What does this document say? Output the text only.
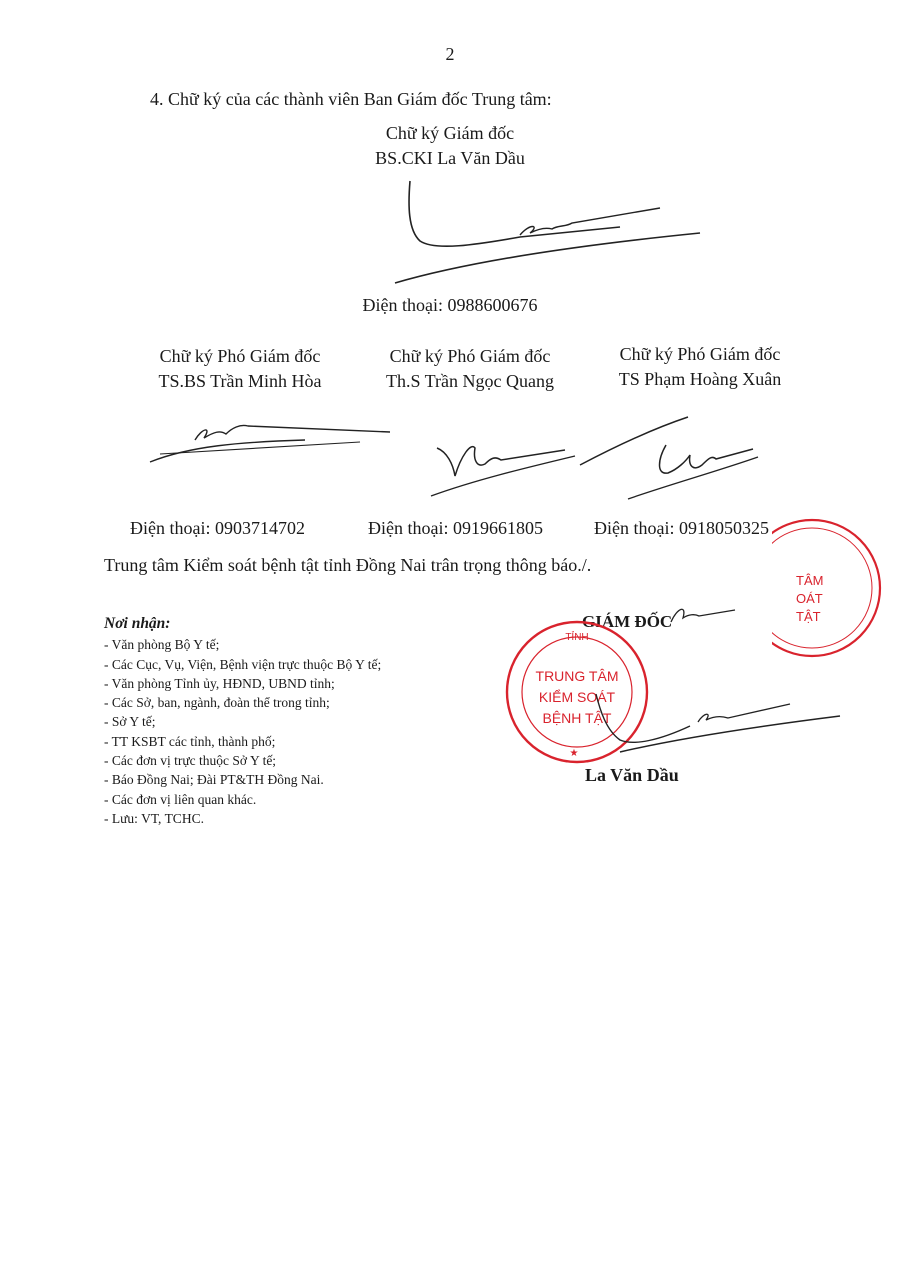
2
4. Chữ ký của các thành viên Ban Giám đốc Trung tâm:
Chữ ký Giám đốc
BS.CKI La Văn Dầu
Điện thoại: 0988600676
Chữ ký Phó Giám đốc
TS.BS Trần Minh Hòa
Chữ ký Phó Giám đốc
Th.S Trần Ngọc Quang
Chữ ký Phó Giám đốc
TS Phạm Hoàng Xuân
Điện thoại: 0903714702	Điện thoại: 0919661805	Điện thoại: 0918050325
TÂM
OÁT
TẬT
Trung tâm Kiểm soát bệnh tật tỉnh Đồng Nai trân trọng thông báo./.
Nơi nhận:
- Văn phòng Bộ Y tế;
- Các Cục, Vụ, Viện, Bệnh viện trực thuộc Bộ Y tế;
- Văn phòng Tỉnh ủy, HĐND, UBND tỉnh;
- Các Sở, ban, ngành, đoàn thể trong tỉnh;
- Sở Y tế;
- TT KSBT các tỉnh, thành phố;
- Các đơn vị trực thuộc Sở Y tế;
- Báo Đồng Nai; Đài PT&TH Đồng Nai.
- Các đơn vị liên quan khác.
- Lưu: VT, TCHC.
GIÁM ĐỐC
TỈNH
★
TRUNG TÂM
KIỂM SOÁT
BỆNH TẬT
La Văn Dầu
